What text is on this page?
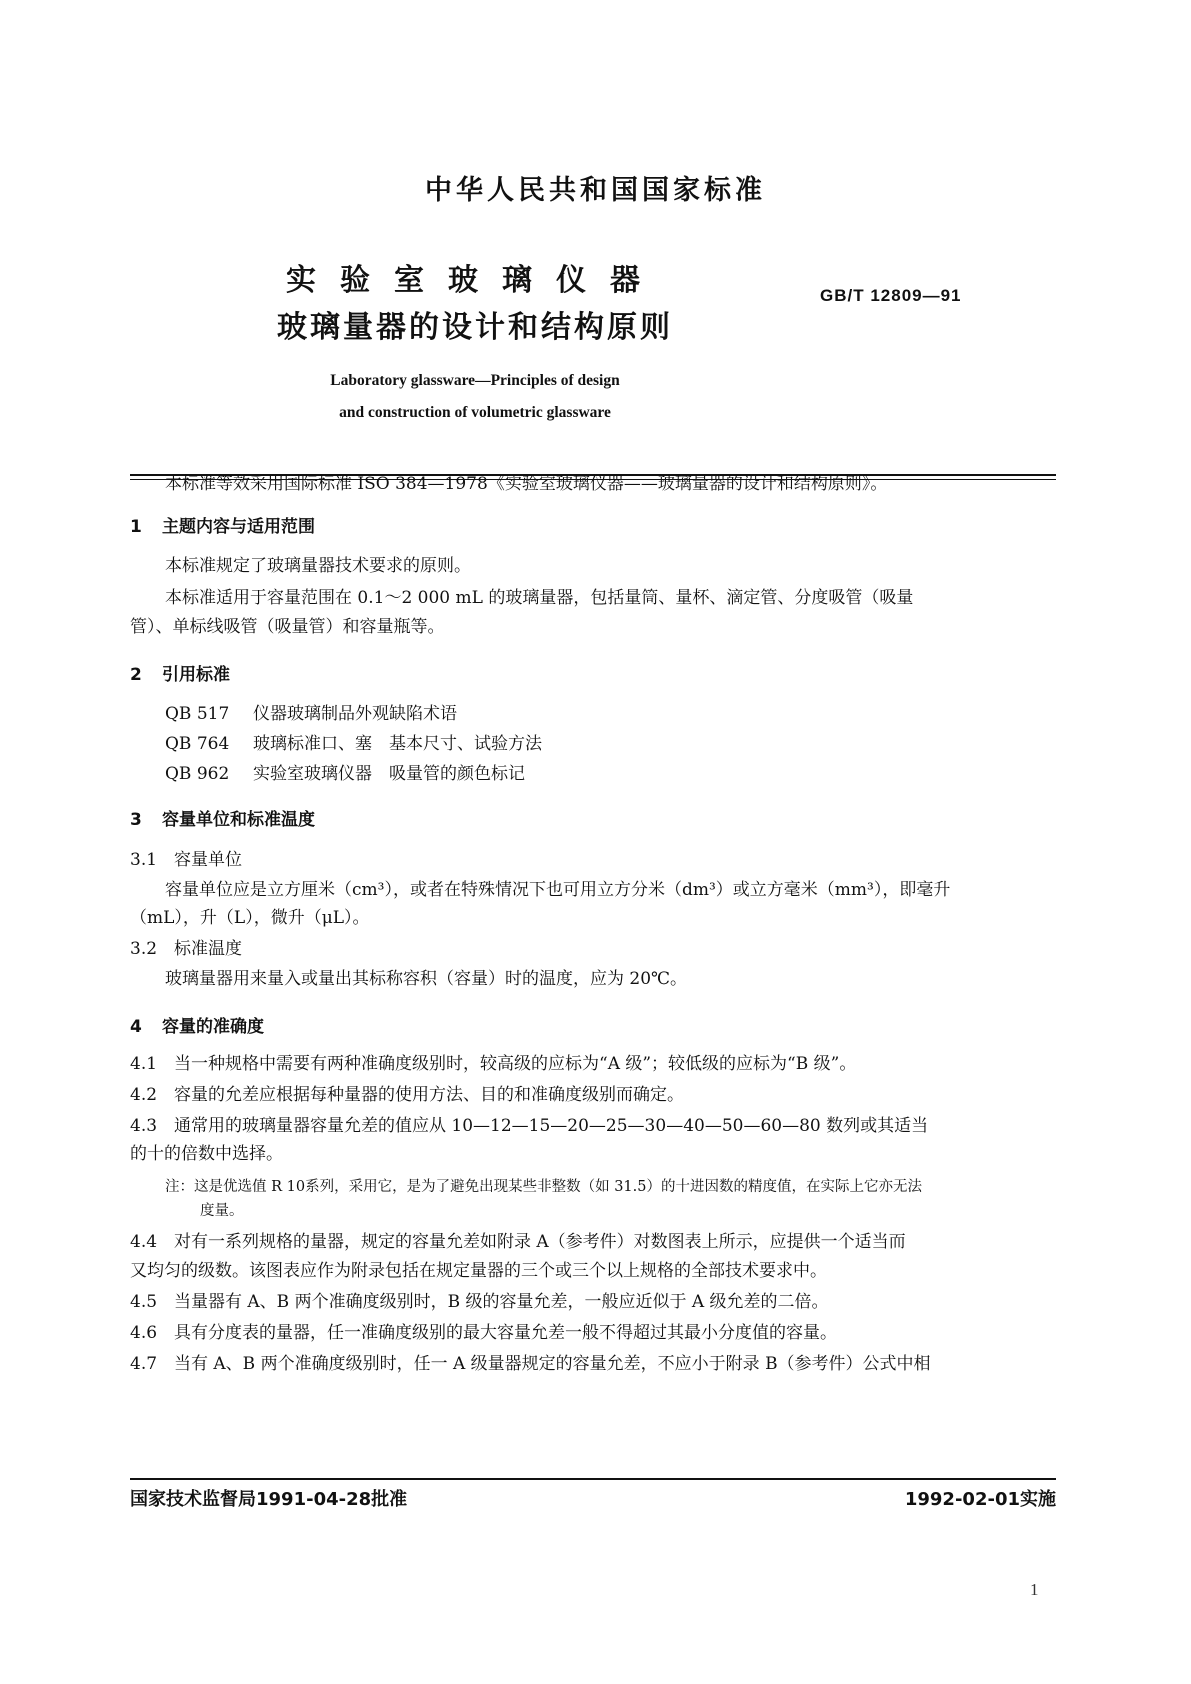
中华人民共和国国家标准
实验室玻璃仪器
玻璃量器的设计和结构原则
GB/T 12809—91
Laboratory glassware—Principles of design
and construction of volumetric glassware
本标准等效采用国际标准 ISO 384—1978《实验室玻璃仪器——玻璃量器的设计和结构原则》。
1 主题内容与适用范围
本标准规定了玻璃量器技术要求的原则。
本标准适用于容量范围在 0.1～2 000 mL 的玻璃量器，包括量筒、量杯、滴定管、分度吸管（吸量
管）、单标线吸管（吸量管）和容量瓶等。
2 引用标准
QB 517 仪器玻璃制品外观缺陷术语
QB 764 玻璃标准口、塞　基本尺寸、试验方法
QB 962 实验室玻璃仪器　吸量管的颜色标记
3 容量单位和标准温度
3.1 容量单位
容量单位应是立方厘米（cm³），或者在特殊情况下也可用立方分米（dm³）或立方毫米（mm³），即毫升
（mL），升（L），微升（μL）。
3.2 标准温度
玻璃量器用来量入或量出其标称容积（容量）时的温度，应为 20℃。
4 容量的准确度
4.1 当一种规格中需要有两种准确度级别时，较高级的应标为“A 级”；较低级的应标为“B 级”。
4.2 容量的允差应根据每种量器的使用方法、目的和准确度级别而确定。
4.3 通常用的玻璃量器容量允差的值应从 10—12—15—20—25—30—40—50—60—80 数列或其适当
的十的倍数中选择。
注：这是优选值 R 10系列，采用它，是为了避免出现某些非整数（如 31.5）的十进因数的精度值，在实际上它亦无法
度量。
4.4 对有一系列规格的量器，规定的容量允差如附录 A（参考件）对数图表上所示，应提供一个适当而
又均匀的级数。该图表应作为附录包括在规定量器的三个或三个以上规格的全部技术要求中。
4.5 当量器有 A、B 两个准确度级别时，B 级的容量允差，一般应近似于 A 级允差的二倍。
4.6 具有分度表的量器，任一准确度级别的最大容量允差一般不得超过其最小分度值的容量。
4.7 当有 A、B 两个准确度级别时，任一 A 级量器规定的容量允差，不应小于附录 B（参考件）公式中相
国家技术监督局1991-04-28批准	1992-02-01实施
1
